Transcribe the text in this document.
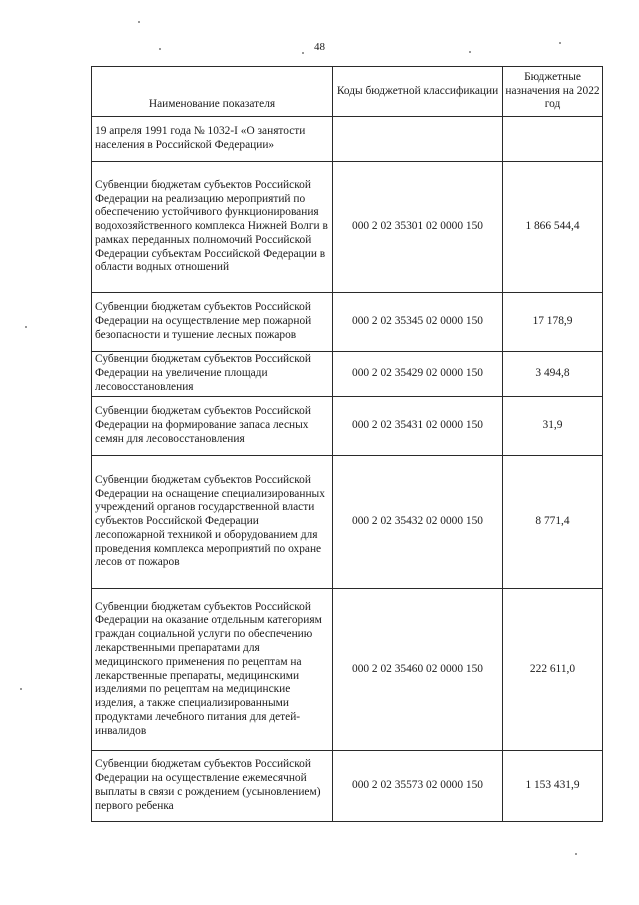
48
Наименование показателя	Коды бюджетной классификации	Бюджетные назначения на 2022 год
19 апреля 1991 года № 1032-I «О занятости населения в Российской Федерации»		
Субвенции бюджетам субъектов Российской Федерации на реализацию мероприятий по обеспечению устойчивого функционирования водохозяйственного комплекса Нижней Волги в рамках переданных полномочий Российской Федерации субъектам Российской Федерации в области водных отношений	000 2 02 35301 02 0000 150	1 866 544,4
Субвенции бюджетам субъектов Российской Федерации на осуществление мер пожарной безопасности и тушение лесных пожаров	000 2 02 35345 02 0000 150	17 178,9
Субвенции бюджетам субъектов Российской Федерации на увеличение площади лесовосстановления	000 2 02 35429 02 0000 150	3 494,8
Субвенции бюджетам субъектов Российской Федерации на формирование запаса лесных семян для лесовосстановления	000 2 02 35431 02 0000 150	31,9
Субвенции бюджетам субъектов Российской Федерации на оснащение специализированных учреждений органов государственной власти субъектов Российской Федерации лесопожарной техникой и оборудованием для проведения комплекса мероприятий по охране лесов от пожаров	000 2 02 35432 02 0000 150	8 771,4
Субвенции бюджетам субъектов Российской Федерации на оказание отдельным категориям граждан социальной услуги по обеспечению лекарственными препаратами для медицинского применения по рецептам на лекарственные препараты, медицинскими изделиями по рецептам на медицинские изделия, а также специализированными продуктами лечебного питания для детей-инвалидов	000 2 02 35460 02 0000 150	222 611,0
Субвенции бюджетам субъектов Российской Федерации на осуществление ежемесячной выплаты в связи с рождением (усыновлением) первого ребенка	000 2 02 35573 02 0000 150	1 153 431,9
